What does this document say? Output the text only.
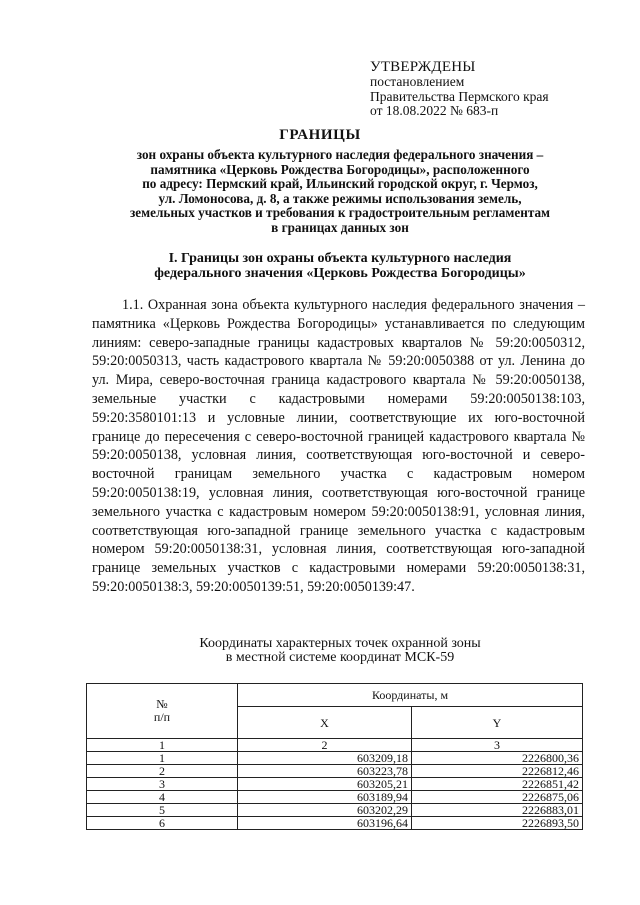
УТВЕРЖДЕНЫ
постановлением
Правительства Пермского края
от 18.08.2022 № 683-п
ГРАНИЦЫ
зон охраны объекта культурного наследия федерального значения –
памятника «Церковь Рождества Богородицы», расположенного
по адресу: Пермский край, Ильинский городской округ, г. Чермоз,
ул. Ломоносова, д. 8, а также режимы использования земель,
земельных участков и требования к градостроительным регламентам
в границах данных зон
I. Границы зон охраны объекта культурного наследия
федерального значения «Церковь Рождества Богородицы»
1.1. Охранная зона объекта культурного наследия федерального значения – памятника «Церковь Рождества Богородицы» устанавливается по следующим линиям: северо-западные границы кадастровых кварталов № 59:20:0050312, 59:20:0050313, часть кадастрового квартала № 59:20:0050388 от ул. Ленина до ул. Мира, северо-восточная граница кадастрового квартала № 59:20:0050138, земельные участки с кадастровыми номерами 59:20:0050138:103, 59:20:3580101:13 и условные линии, соответствующие их юго-восточной границе до пересечения с северо-восточной границей кадастрового квартала № 59:20:0050138, условная линия, соответствующая юго-восточной и северо-восточной границам земельного участка с кадастровым номером 59:20:0050138:19, условная линия, соответствующая юго-восточной границе земельного участка с кадастровым номером 59:20:0050138:91, условная линия, соответствующая юго-западной границе земельного участка с кадастровым номером 59:20:0050138:31, условная линия, соответствующая юго-западной границе земельных участков с кадастровыми номерами 59:20:0050138:31, 59:20:0050138:3, 59:20:0050139:51, 59:20:0050139:47.
Координаты характерных точек охранной зоны
в местной системе координат МСК-59
№
п/п	Координаты, м	
	X	Y
1	2	3
1	603209,18	2226800,36
2	603223,78	2226812,46
3	603205,21	2226851,42
4	603189,94	2226875,06
5	603202,29	2226883,01
6	603196,64	2226893,50
